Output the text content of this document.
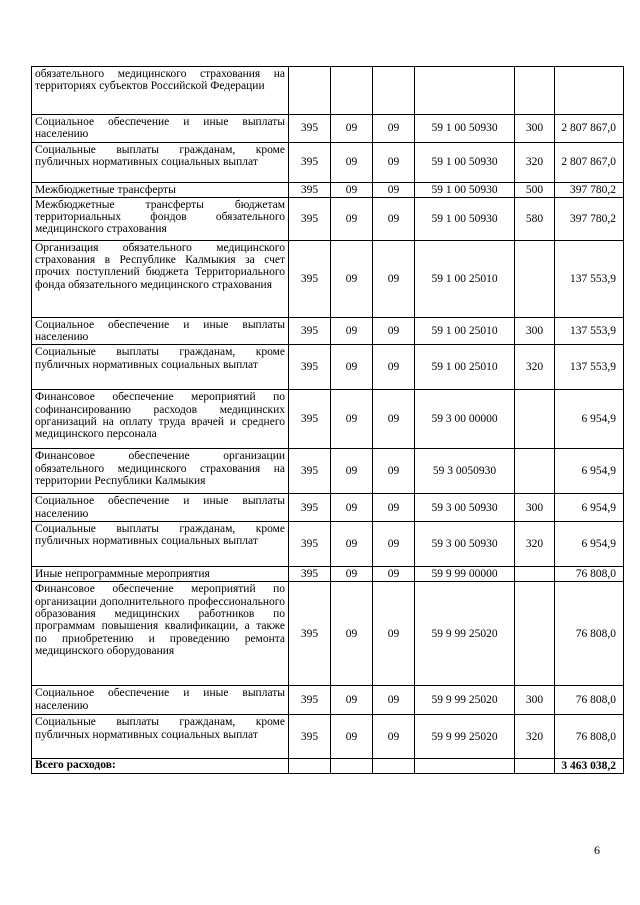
обязательного медицинского страхования на территориях субъектов Российской Федерации						
Социальное обеспечение и иные выплаты населению	395	09	09	59 1 00 50930	300	2 807 867,0
Социальные выплаты гражданам, кроме публичных нормативных социальных выплат	395	09	09	59 1 00 50930	320	2 807 867,0
Межбюджетные трансферты	395	09	09	59 1 00 50930	500	397 780,2
Межбюджетные трансферты бюджетам территориальных фондов обязательного медицинского страхования	395	09	09	59 1 00 50930	580	397 780,2
Организация обязательного медицинского страхования в Республике Калмыкия за счет прочих поступлений бюджета Территориального фонда обязательного медицинского страхования	395	09	09	59 1 00 25010		137 553,9
Социальное обеспечение и иные выплаты населению	395	09	09	59 1 00 25010	300	137 553,9
Социальные выплаты гражданам, кроме публичных нормативных социальных выплат	395	09	09	59 1 00 25010	320	137 553,9
Финансовое обеспечение мероприятий по софинансированию расходов медицинских организаций на оплату труда врачей и среднего медицинского персонала	395	09	09	59 3 00 00000		6 954,9
Финансовое обеспечение организации обязательного медицинского страхования на территории Республики Калмыкия	395	09	09	59 3 0050930		6 954,9
Социальное обеспечение и иные выплаты населению	395	09	09	59 3 00 50930	300	6 954,9
Социальные выплаты гражданам, кроме публичных нормативных социальных выплат	395	09	09	59 3 00 50930	320	6 954,9
Иные непрограммные мероприятия	395	09	09	59 9 99 00000		76 808,0
Финансовое обеспечение мероприятий по организации дополнительного профессионального образования медицинских работников по программам повышения квалификации, а также по приобретению и проведению ремонта медицинского оборудования	395	09	09	59 9 99 25020		76 808,0
Социальное обеспечение и иные выплаты населению	395	09	09	59 9 99 25020	300	76 808,0
Социальные выплаты гражданам, кроме публичных нормативных социальных выплат	395	09	09	59 9 99 25020	320	76 808,0
Всего расходов:						3 463 038,2
6
